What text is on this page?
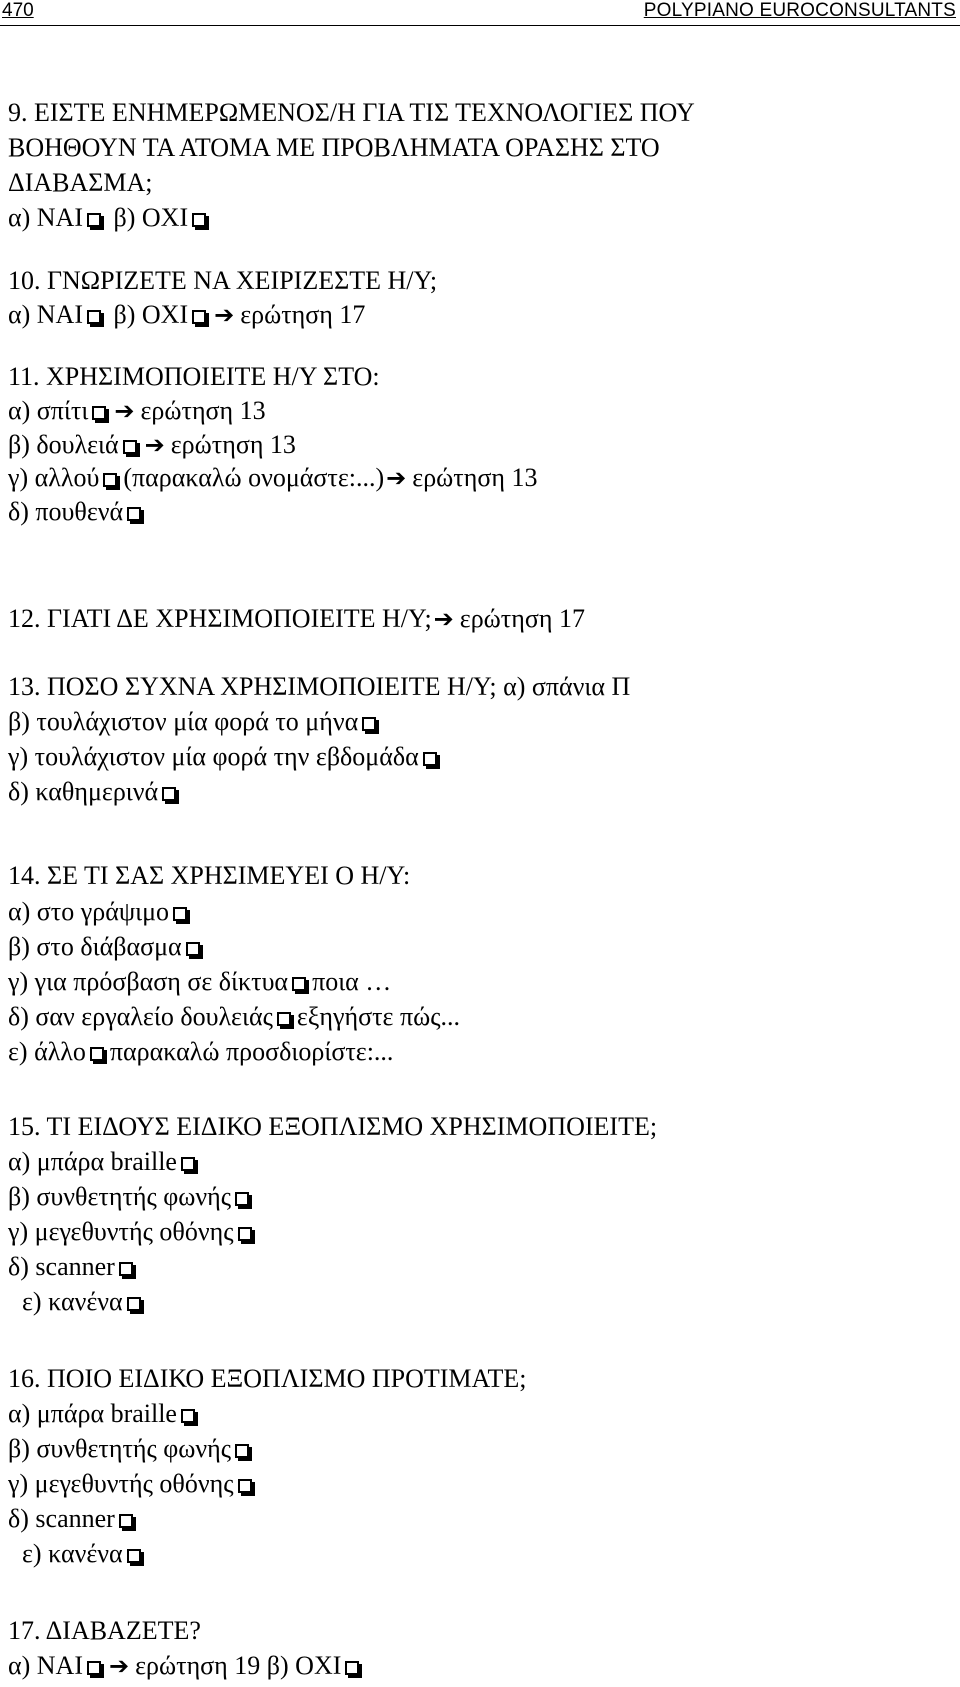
470	POLYPIANO EUROCONSULTANTS
9. ΕΙΣΤΕ ΕΝΗΜΕΡΩΜΕΝΟΣ/Η ΓΙΑ ΤΙΣ ΤΕΧΝΟΛΟΓΙΕΣ ΠΟΥ
ΒΟΗΘΟΥΝ ΤΑ ΑΤΟΜΑ ΜΕ ΠΡΟΒΛΗΜΑΤΑ ΟΡΑΣΗΣ ΣΤΟ
ΔΙΑΒΑΣΜΑ;
α) ΝΑΙ β) ΟΧΙ
10. ΓΝΩΡΙΖΕΤΕ ΝΑ ΧΕΙΡΙΖΕΣΤΕ Η/Υ;
α) ΝΑΙ β) ΟΧΙ ➔ ερώτηση 17
11. ΧΡΗΣΙΜΟΠΟΙΕΙΤΕ Η/Υ ΣΤΟ:
α) σπίτι ➔ ερώτηση 13
β) δουλειά ➔ ερώτηση 13
γ) αλλού (παρακαλώ ονομάστε:...)➔ ερώτηση 13
δ) πουθενά
12. ΓΙΑΤΙ ΔΕ ΧΡΗΣΙΜΟΠΟΙΕΙΤΕ Η/Υ;➔ ερώτηση 17
13. ΠΟΣΟ ΣΥΧΝΑ ΧΡΗΣΙΜΟΠΟΙΕΙΤΕ Η/Υ; α) σπάνια Π
β) τουλάχιστον μία φορά το μήνα
γ) τουλάχιστον μία φορά την εβδομάδα
δ) καθημερινά
14. ΣΕ ΤΙ ΣΑΣ ΧΡΗΣΙΜΕΥΕΙ Ο Η/Υ:
α) στο γράψιμο
β) στο διάβασμα
γ) για πρόσβαση σε δίκτυα ποια …
δ) σαν εργαλείο δουλειάς εξηγήστε πώς...
ε) άλλο παρακαλώ προσδιορίστε:...
15. ΤΙ ΕΙΔΟΥΣ ΕΙΔΙΚΟ ΕΞΟΠΛΙΣΜΟ ΧΡΗΣΙΜΟΠΟΙΕΙΤΕ;
α) μπάρα braille
β) συνθετητής φωνής
γ) μεγεθυντής οθόνης
δ) scanner
ε) κανένα
16. ΠΟΙΟ ΕΙΔΙΚΟ ΕΞΟΠΛΙΣΜΟ ΠΡΟΤΙΜΑΤΕ;
α) μπάρα braille
β) συνθετητής φωνής
γ) μεγεθυντής οθόνης
δ) scanner
ε) κανένα
17. ΔΙΑΒΑΖΕΤΕ?
α) ΝΑΙ ➔ ερώτηση 19 β) ΟΧΙ
